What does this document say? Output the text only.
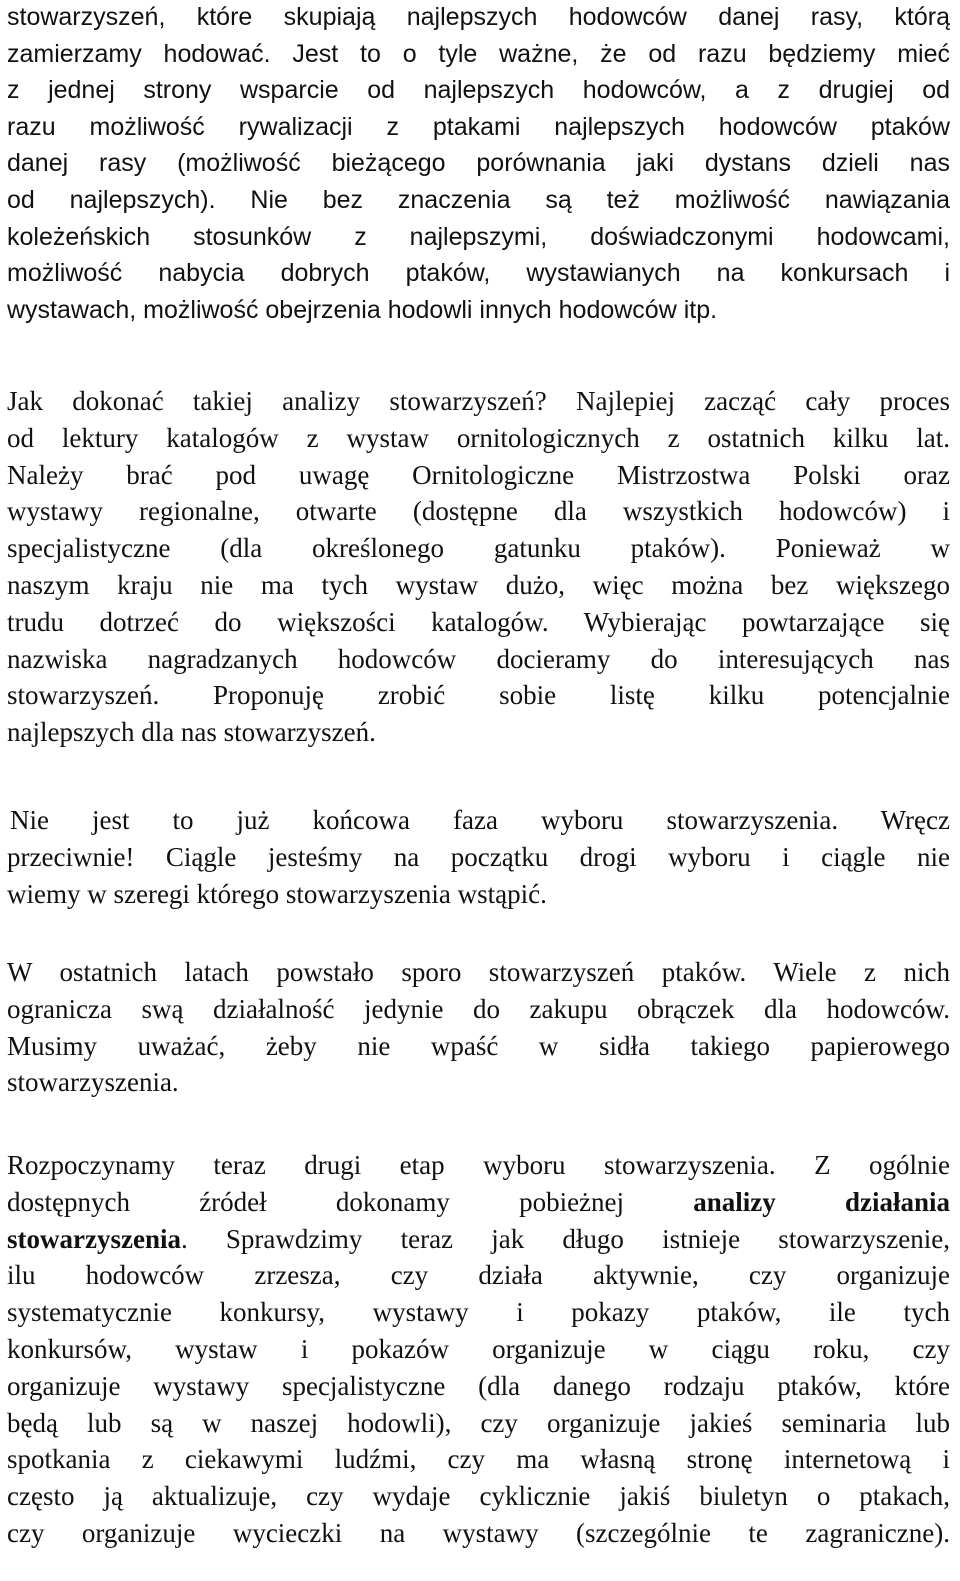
stowarzyszeń, które skupiają najlepszych hodowców danej rasy, którą
zamierzamy hodować. Jest to o tyle ważne, że od razu będziemy mieć
z jednej strony wsparcie od najlepszych hodowców, a z drugiej od
razu możliwość rywalizacji z ptakami najlepszych hodowców ptaków
danej rasy (możliwość bieżącego porównania jaki dystans dzieli nas
od najlepszych). Nie bez znaczenia są też możliwość nawiązania
koleżeńskich stosunków z najlepszymi, doświadczonymi hodowcami,
możliwość nabycia dobrych ptaków, wystawianych na konkursach i
wystawach, możliwość obejrzenia hodowli innych hodowców itp.
Jak dokonać takiej analizy stowarzyszeń? Najlepiej zacząć cały proces
od lektury katalogów z wystaw ornitologicznych z ostatnich kilku lat.
Należy brać pod uwagę Ornitologiczne Mistrzostwa Polski oraz
wystawy regionalne, otwarte (dostępne dla wszystkich hodowców) i
specjalistyczne (dla określonego gatunku ptaków). Ponieważ w
naszym kraju nie ma tych wystaw dużo, więc można bez większego
trudu dotrzeć do większości katalogów. Wybierając powtarzające się
nazwiska nagradzanych hodowców docieramy do interesujących nas
stowarzyszeń. Proponuję zrobić sobie listę kilku potencjalnie
najlepszych dla nas stowarzyszeń.
Nie jest to już końcowa faza wyboru stowarzyszenia. Wręcz
przeciwnie! Ciągle jesteśmy na początku drogi wyboru i ciągle nie
wiemy w szeregi którego stowarzyszenia wstąpić.
W ostatnich latach powstało sporo stowarzyszeń ptaków. Wiele z nich
ogranicza swą działalność jedynie do zakupu obrączek dla hodowców.
Musimy uważać, żeby nie wpaść w sidła takiego papierowego
stowarzyszenia.
Rozpoczynamy teraz drugi etap wyboru stowarzyszenia. Z ogólnie
dostępnych źródeł dokonamy pobieżnej analizy działania
stowarzyszenia. Sprawdzimy teraz jak długo istnieje stowarzyszenie,
ilu hodowców zrzesza, czy działa aktywnie, czy organizuje
systematycznie konkursy, wystawy i pokazy ptaków, ile tych
konkursów, wystaw i pokazów organizuje w ciągu roku, czy
organizuje wystawy specjalistyczne (dla danego rodzaju ptaków, które
będą lub są w naszej hodowli), czy organizuje jakieś seminaria lub
spotkania z ciekawymi ludźmi, czy ma własną stronę internetową i
często ją aktualizuje, czy wydaje cyklicznie jakiś biuletyn o ptakach,
czy organizuje wycieczki na wystawy (szczególnie te zagraniczne).
